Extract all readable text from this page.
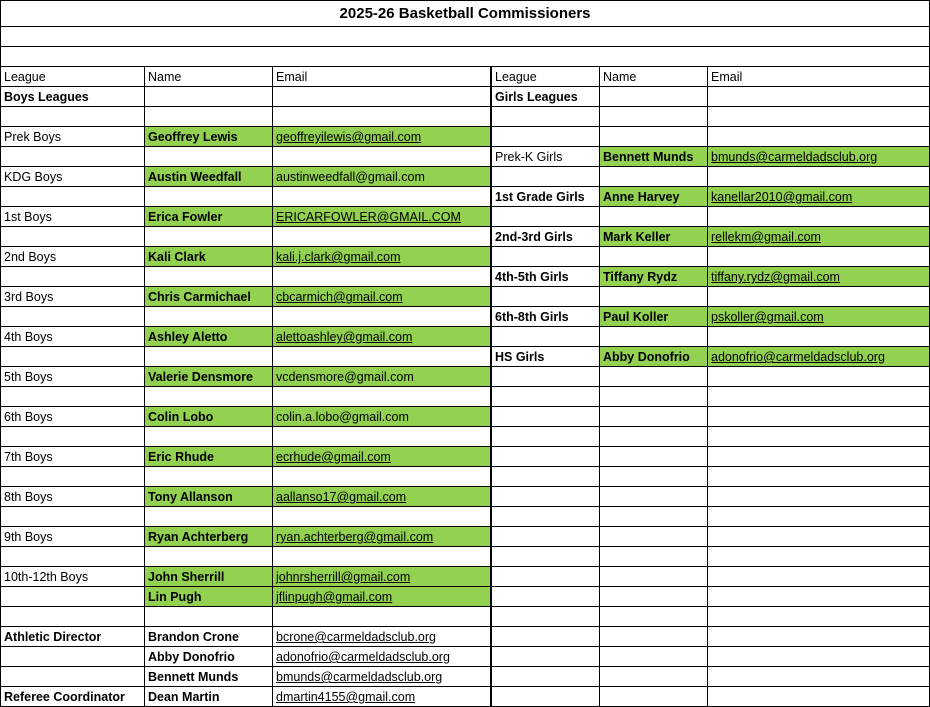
2025-26 Basketball Commissioners					

League	Name	Email		League	Name	Email
Boys Leagues				Girls Leagues		

Prek Boys	Geoffrey Lewis	geoffreyilewis@gmail.com				
				Prek-K Girls	Bennett Munds	bmunds@carmeldadsclub.org
KDG Boys	Austin Weedfall	austinweedfall@gmail.com				
				1st Grade Girls	Anne Harvey	kanellar2010@gmail.com
1st Boys	Erica Fowler	ERICARFOWLER@GMAIL.COM				
				2nd-3rd Girls	Mark Keller	rellekm@gmail.com
2nd Boys	Kali Clark	kali.j.clark@gmail.com				
				4th-5th Girls	Tiffany Rydz	tiffany.rydz@gmail.com
3rd Boys	Chris Carmichael	cbcarmich@gmail.com				
				6th-8th Girls	Paul Koller	pskoller@gmail.com
4th Boys	Ashley Aletto	alettoashley@gmail.com				
				HS Girls	Abby Donofrio	adonofrio@carmeldadsclub.org
5th Boys	Valerie Densmore	vcdensmore@gmail.com				

6th Boys	Colin Lobo	colin.a.lobo@gmail.com				

7th Boys	Eric Rhude	ecrhude@gmail.com				

8th Boys	Tony Allanson	aallanso17@gmail.com				

9th Boys	Ryan Achterberg	ryan.achterberg@gmail.com				

10th-12th Boys	John Sherrill	johnrsherrill@gmail.com				
	Lin Pugh	jflinpugh@gmail.com				

Athletic Director	Brandon Crone	bcrone@carmeldadsclub.org				
	Abby Donofrio	adonofrio@carmeldadsclub.org				
	Bennett Munds	bmunds@carmeldadsclub.org				
Referee Coordinator	Dean Martin	dmartin4155@gmail.com				
